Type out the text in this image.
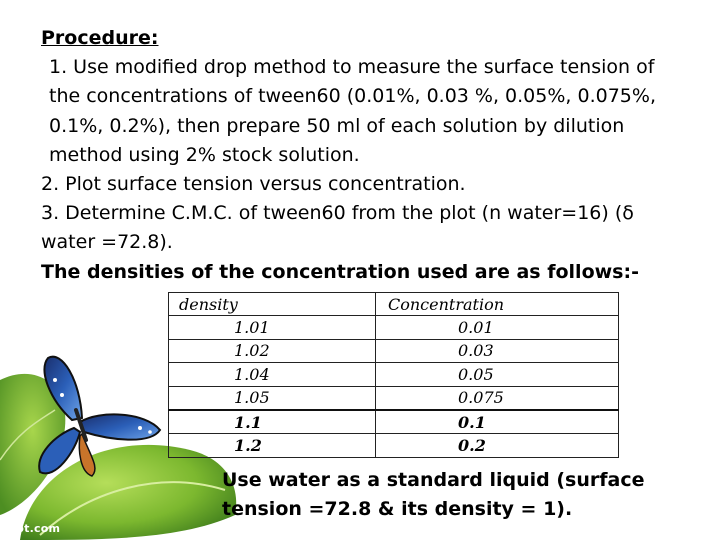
Procedure:
1. Use modified drop method to measure the surface tension of the concentrations of tween60 (0.01%, 0.03 %, 0.05%, 0.075%, 0.1%, 0.2%), then prepare 50 ml of each solution by dilution method using 2% stock solution.
2. Plot surface tension versus concentration.
3. Determine C.M.C. of tween60 from the plot (n water=16) (δ water =72.8).
The densities of the concentration used are as follows:-
density	Concentration
1.01	0.01
1.02	0.03
1.04	0.05
1.05	0.075
1.1	0.1
1.2	0.2
Use water as a standard liquid (surface tension =72.8 & its density = 1).
fppt.com
